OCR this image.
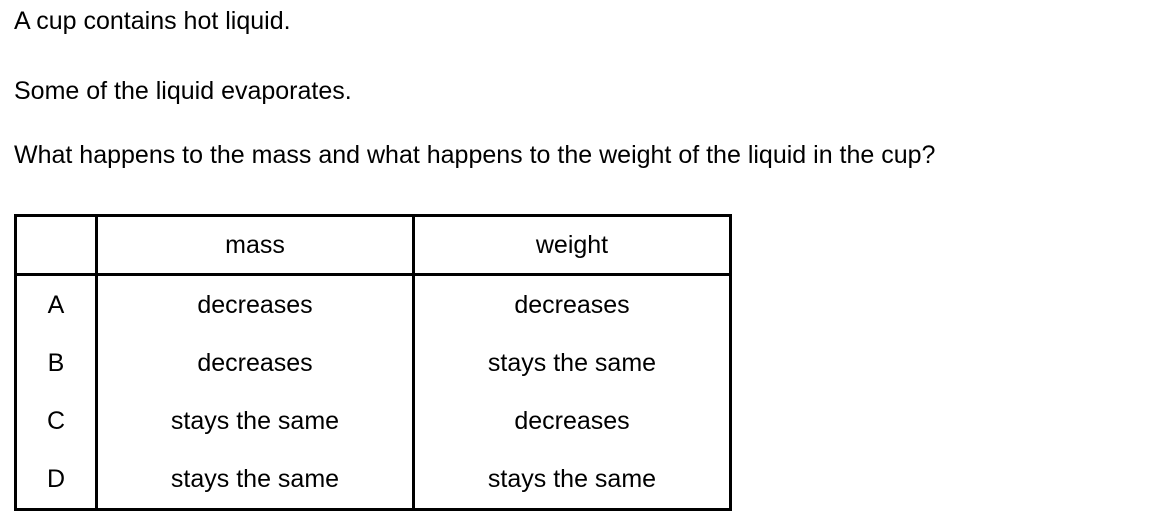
A cup contains hot liquid.

Some of the liquid evaporates.

What happens to the mass and what happens to the weight of the liquid in the cup?

	mass	weight
A	decreases	decreases
B	decreases	stays the same
C	stays the same	decreases
D	stays the same	stays the same
